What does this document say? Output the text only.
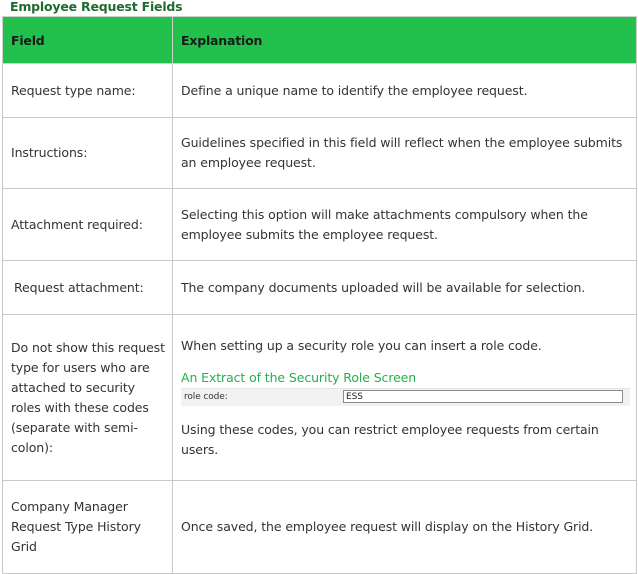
Employee Request Fields
Field	Explanation
Request type name:	Define a unique name to identify the employee request.
Instructions:	Guidelines specified in this field will reflect when the employee submits an employee request.
Attachment required:	Selecting this option will make attachments compulsory when the employee submits the employee request.
Request attachment:	The company documents uploaded will be available for selection.
Do not show this request type for users who are attached to security roles with these codes (separate with semi-colon):	When setting up a security role you can insert a role code.
An Extract of the Security Role Screen
role code: ESS
Using these codes, you can restrict employee requests from certain users.

Company Manager Request Type History Grid	Once saved, the employee request will display on the History Grid.
